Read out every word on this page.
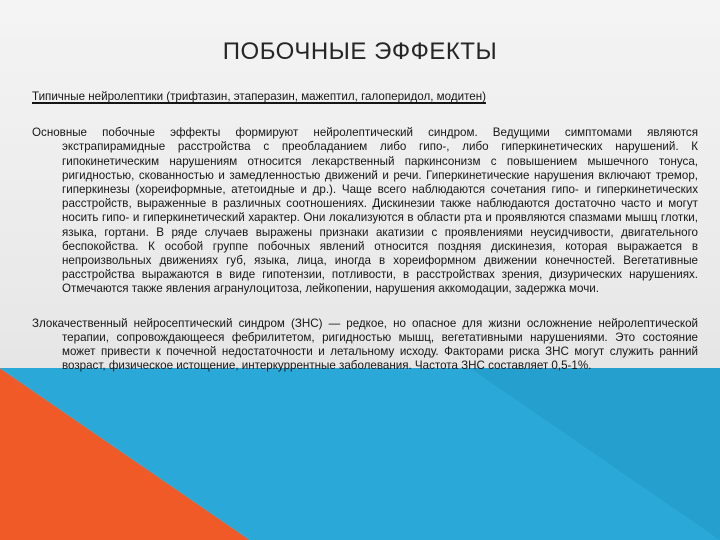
ПОБОЧНЫЕ ЭФФЕКТЫ
Типичные нейролептики (трифтазин, этаперазин, мажептил, галоперидол, модитен)
Основные побочные эффекты формируют нейролептический синдром. Ведущими симптомами являются экстрапирамидные расстройства с преобладанием либо гипо-, либо гиперкинетических нарушений. К гипокинетическим нарушениям относится лекарственный паркинсонизм с повышением мышечного тонуса, ригидностью, скованностью и замедленностью движений и речи. Гиперкинетические нарушения включают тремор, гиперкинезы (хореиформные, атетоидные и др.). Чаще всего наблюдаются сочетания гипо- и гиперкинетических расстройств, выраженные в различных соотношениях. Дискинезии также наблюдаются достаточно часто и могут носить гипо- и гиперкинетический характер. Они локализуются в области рта и проявляются спазмами мышц глотки, языка, гортани. В ряде случаев выражены признаки акатизии с проявлениями неусидчивости, двигательного беспокойства. К особой группе побочных явлений относится поздняя дискинезия, которая выражается в непроизвольных движениях губ, языка, лица, иногда в хореиформном движении конечностей. Вегетативные расстройства выражаются в виде гипотензии, потливости, в расстройствах зрения, дизурических нарушениях. Отмечаются также явления агранулоцитоза, лейкопении, нарушения аккомодации, задержка мочи.
Злокачественный нейросептический синдром (ЗНС) — редкое, но опасное для жизни осложнение нейролептической терапии, сопровождающееся фебрилитетом, ригидностью мышц, вегетативными нарушениями. Это состояние может привести к почечной недостаточности и летальному исходу. Факторами риска ЗНС могут служить ранний возраст, физическое истощение, интеркуррентные заболевания. Частота ЗНС составляет 0,5-1%.
